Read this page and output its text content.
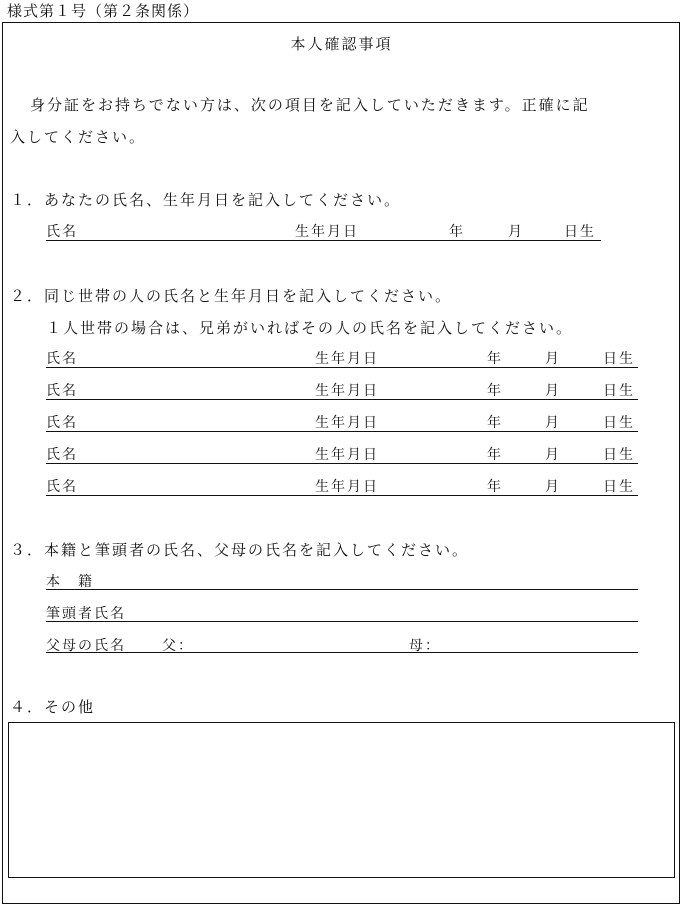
様式第１号（第２条関係）
本人確認事項
身分証をお持ちでない方は、次の項目を記入していただきます。正確に記
入してください。
１．あなたの氏名、生年月日を記入してください。
氏名	生年月日	年	月	日生
２．同じ世帯の人の氏名と生年月日を記入してください。
１人世帯の場合は、兄弟がいればその人の氏名を記入してください。
氏名	生年月日	年	月	日生
氏名	生年月日	年	月	日生
氏名	生年月日	年	月	日生
氏名	生年月日	年	月	日生
氏名	生年月日	年	月	日生
３．本籍と筆頭者の氏名、父母の氏名を記入してください。
本　籍
筆頭者氏名
父母の氏名	父：	母：
４．その他
